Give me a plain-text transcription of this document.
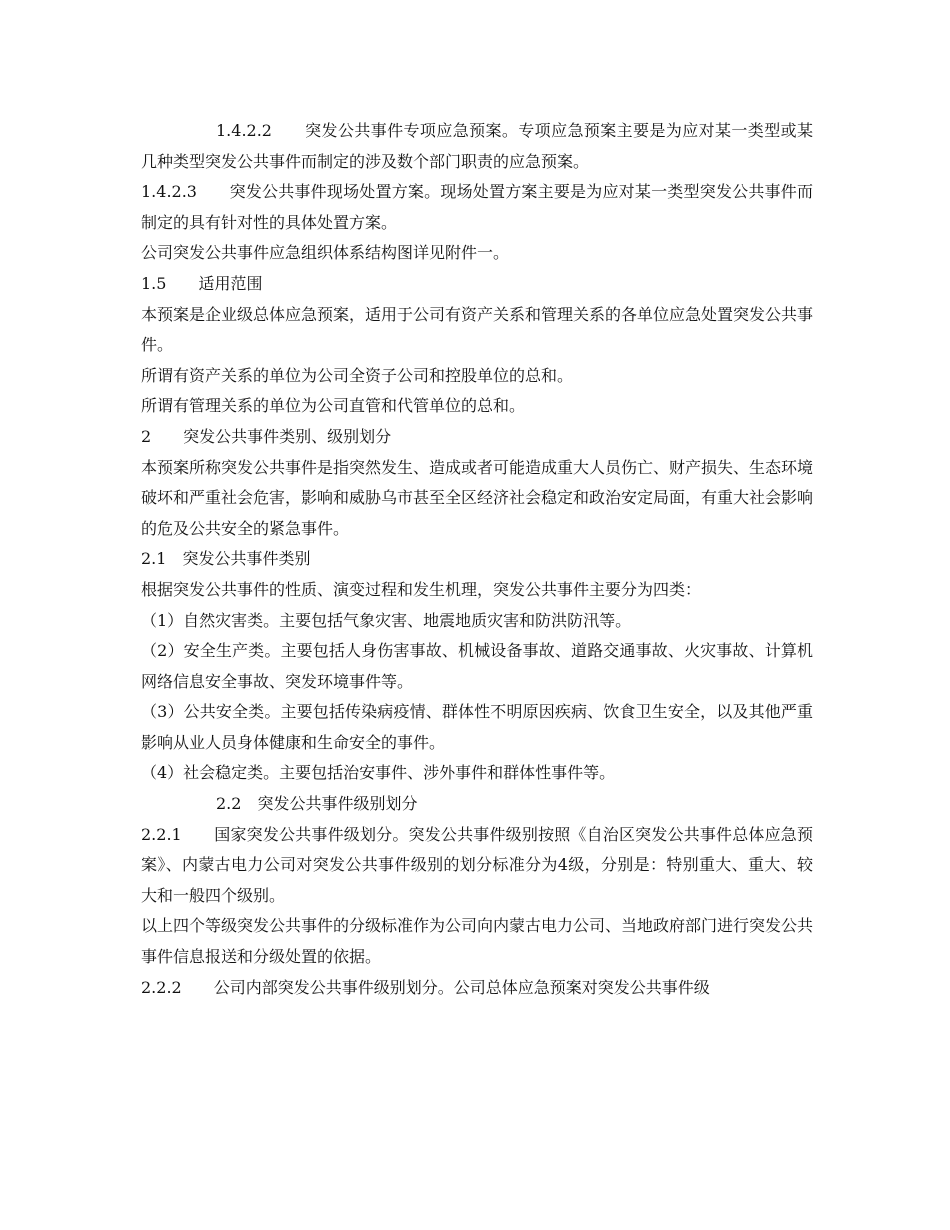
1.4.2.2　　突发公共事件专项应急预案。专项应急预案主要是为应对某一类型或某几种类型突发公共事件而制定的涉及数个部门职责的应急预案。

1.4.2.3　　突发公共事件现场处置方案。现场处置方案主要是为应对某一类型突发公共事件而制定的具有针对性的具体处置方案。

公司突发公共事件应急组织体系结构图详见附件一。

1.5　　适用范围

本预案是企业级总体应急预案，适用于公司有资产关系和管理关系的各单位应急处置突发公共事件。

所谓有资产关系的单位为公司全资子公司和控股单位的总和。

所谓有管理关系的单位为公司直管和代管单位的总和。

2　　突发公共事件类别、级别划分

本预案所称突发公共事件是指突然发生、造成或者可能造成重大人员伤亡、财产损失、生态环境破坏和严重社会危害，影响和威胁乌市甚至全区经济社会稳定和政治安定局面，有重大社会影响的危及公共安全的紧急事件。

2.1　突发公共事件类别

根据突发公共事件的性质、演变过程和发生机理，突发公共事件主要分为四类：

（1）自然灾害类。主要包括气象灾害、地震地质灾害和防洪防汛等。

（2）安全生产类。主要包括人身伤害事故、机械设备事故、道路交通事故、火灾事故、计算机网络信息安全事故、突发环境事件等。

（3）公共安全类。主要包括传染病疫情、群体性不明原因疾病、饮食卫生安全，以及其他严重影响从业人员身体健康和生命安全的事件。

（4）社会稳定类。主要包括治安事件、涉外事件和群体性事件等。

2.2　突发公共事件级别划分

2.2.1　　国家突发公共事件级划分。突发公共事件级别按照《自治区突发公共事件总体应急预案》、内蒙古电力公司对突发公共事件级别的划分标准分为4级，分别是：特别重大、重大、较大和一般四个级别。

以上四个等级突发公共事件的分级标准作为公司向内蒙古电力公司、当地政府部门进行突发公共事件信息报送和分级处置的依据。

2.2.2　　公司内部突发公共事件级别划分。公司总体应急预案对突发公共事件级
